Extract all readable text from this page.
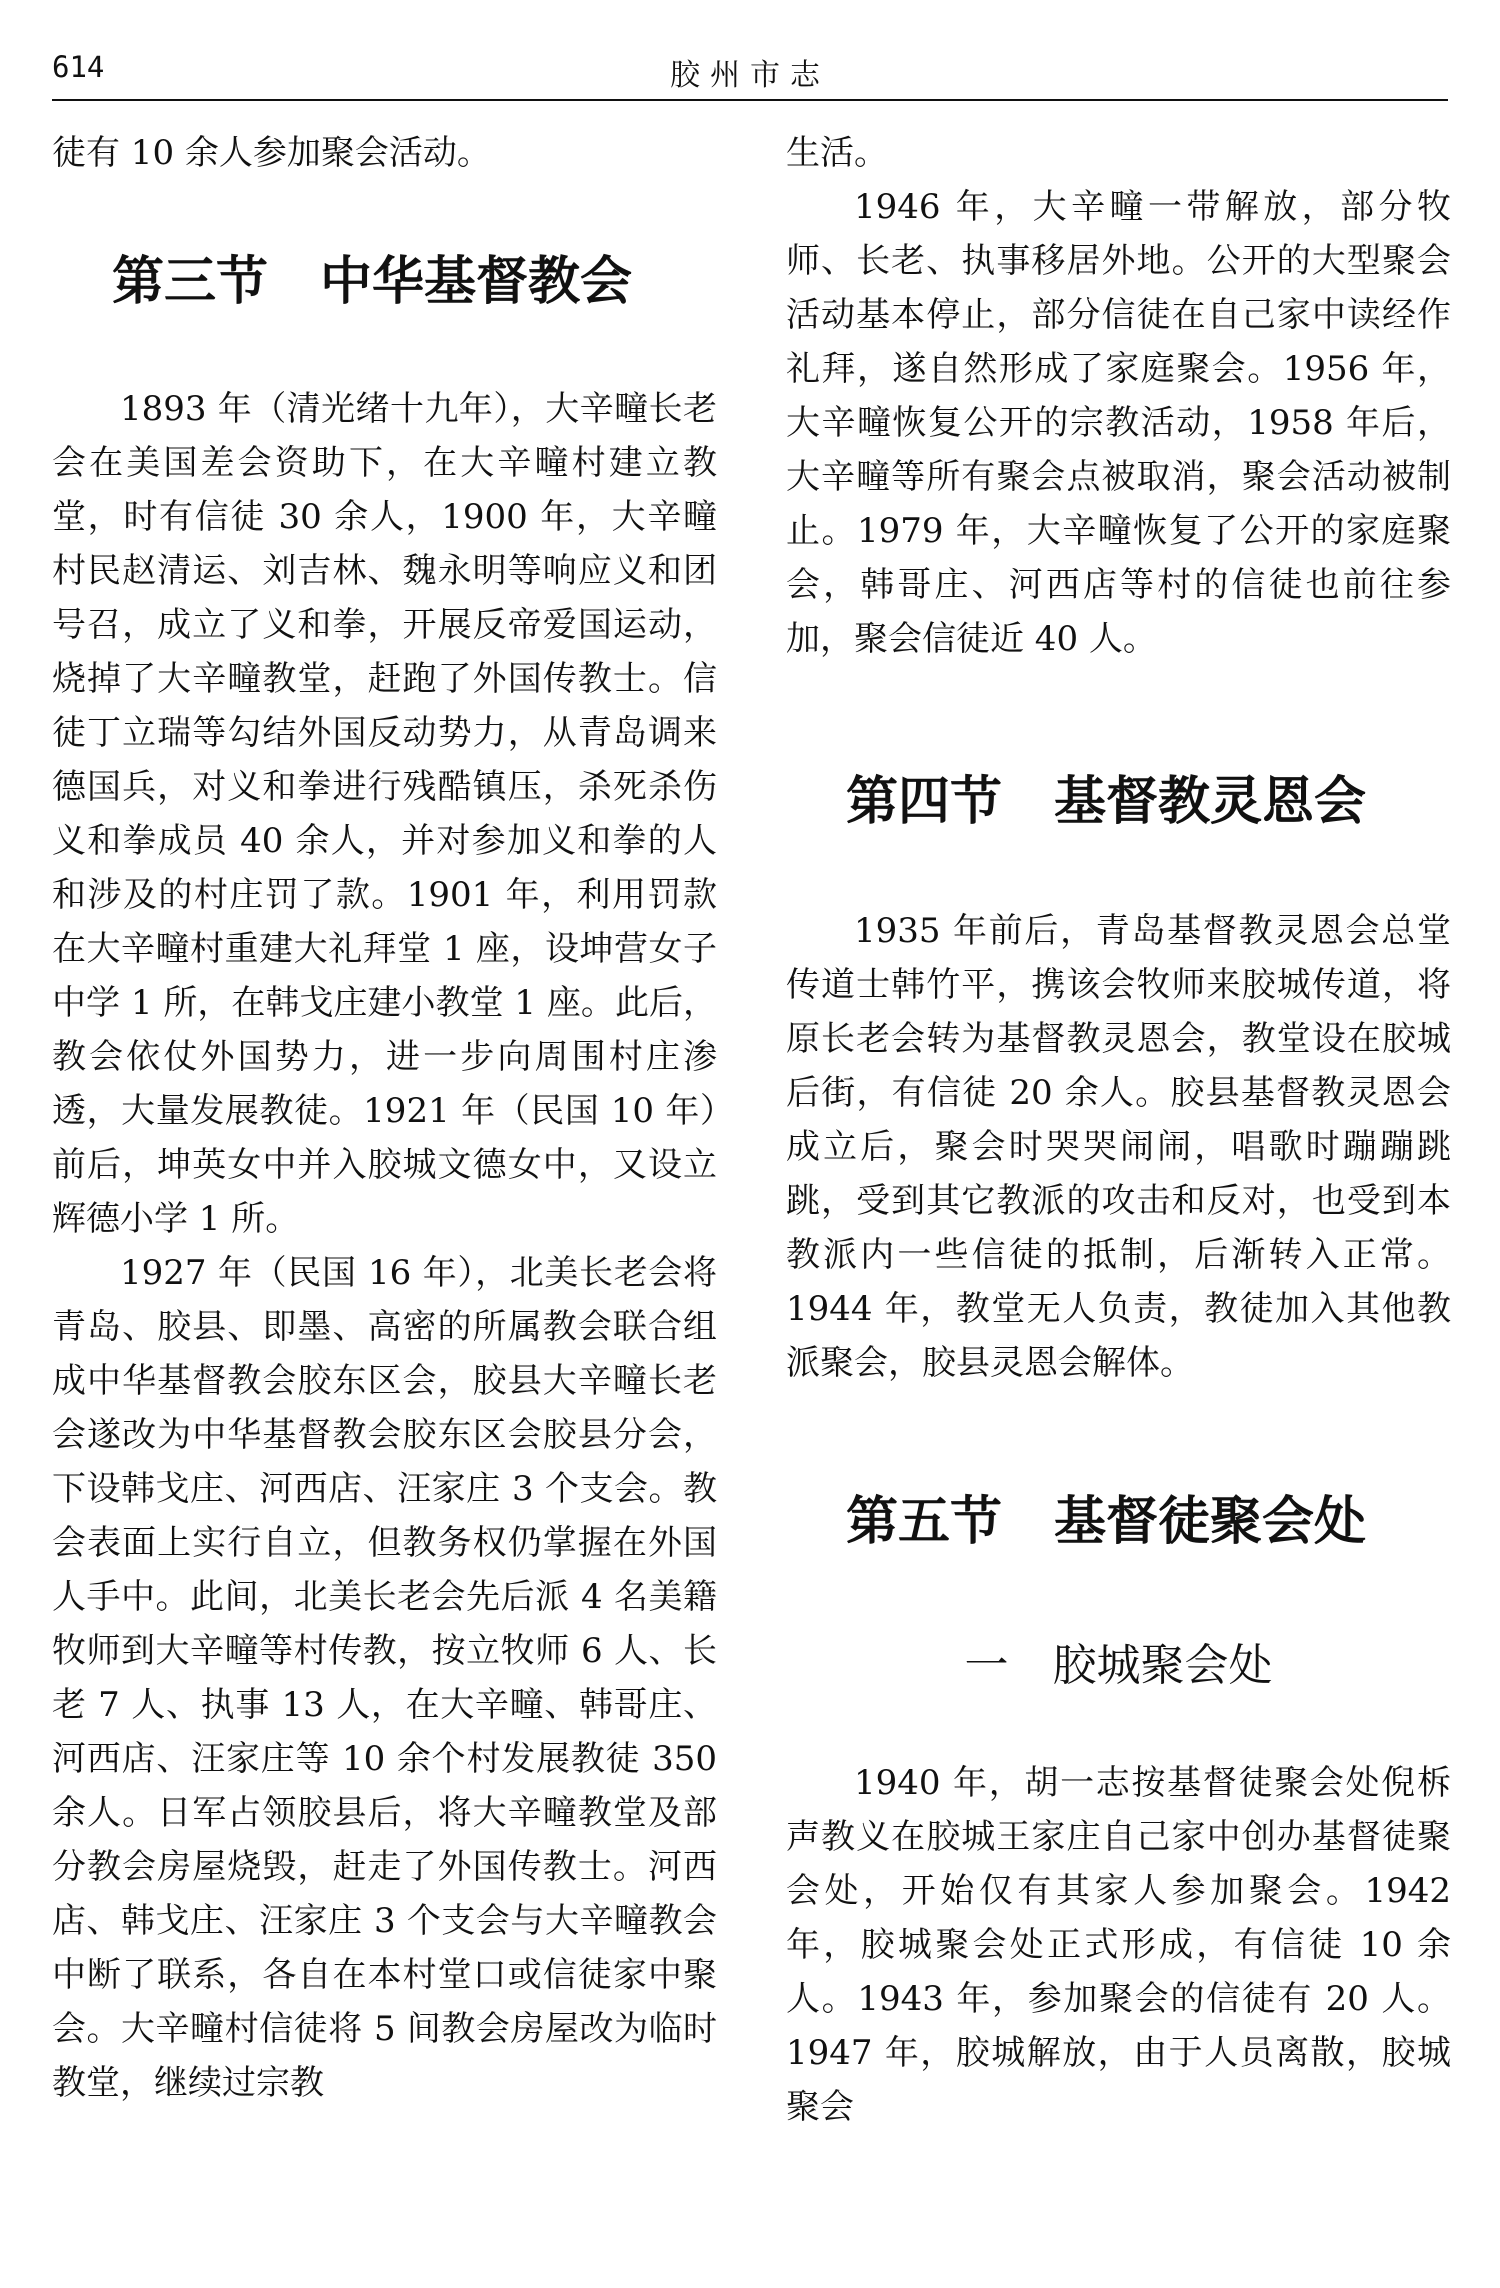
614	胶州市志

徒有 10 余人参加聚会活动。

第三节　中华基督教会

1893 年（清光绪十九年），大辛疃长老会在美国差会资助下，在大辛疃村建立教堂，时有信徒 30 余人，1900 年，大辛疃村民赵清运、刘吉林、魏永明等响应义和团号召，成立了义和拳，开展反帝爱国运动，烧掉了大辛疃教堂，赶跑了外国传教士。信徒丁立瑞等勾结外国反动势力，从青岛调来德国兵，对义和拳进行残酷镇压，杀死杀伤义和拳成员 40 余人，并对参加义和拳的人和涉及的村庄罚了款。1901 年，利用罚款在大辛疃村重建大礼拜堂 1 座，设坤营女子中学 1 所，在韩戈庄建小教堂 1 座。此后，教会依仗外国势力，进一步向周围村庄渗透，大量发展教徒。1921 年（民国 10 年）前后，坤英女中并入胶城文德女中，又设立辉德小学 1 所。

1927 年（民国 16 年），北美长老会将青岛、胶县、即墨、高密的所属教会联合组成中华基督教会胶东区会，胶县大辛疃长老会遂改为中华基督教会胶东区会胶县分会，下设韩戈庄、河西店、汪家庄 3 个支会。教会表面上实行自立，但教务权仍掌握在外国人手中。此间，北美长老会先后派 4 名美籍牧师到大辛疃等村传教，按立牧师 6 人、长老 7 人、执事 13 人，在大辛疃、韩哥庄、河西店、汪家庄等 10 余个村发展教徒 350 余人。日军占领胶县后，将大辛疃教堂及部分教会房屋烧毁，赶走了外国传教士。河西店、韩戈庄、汪家庄 3 个支会与大辛疃教会中断了联系，各自在本村堂口或信徒家中聚会。大辛疃村信徒将 5 间教会房屋改为临时教堂，继续过宗教

生活。

1946 年，大辛疃一带解放，部分牧师、长老、执事移居外地。公开的大型聚会活动基本停止，部分信徒在自己家中读经作礼拜，遂自然形成了家庭聚会。1956 年，大辛疃恢复公开的宗教活动，1958 年后，大辛疃等所有聚会点被取消，聚会活动被制止。1979 年，大辛疃恢复了公开的家庭聚会，韩哥庄、河西店等村的信徒也前往参加，聚会信徒近 40 人。

第四节　基督教灵恩会

1935 年前后，青岛基督教灵恩会总堂传道士韩竹平，携该会牧师来胶城传道，将原长老会转为基督教灵恩会，教堂设在胶城后街，有信徒 20 余人。胶县基督教灵恩会成立后，聚会时哭哭闹闹，唱歌时蹦蹦跳跳，受到其它教派的攻击和反对，也受到本教派内一些信徒的抵制，后渐转入正常。1944 年，教堂无人负责，教徒加入其他教派聚会，胶县灵恩会解体。

第五节　基督徒聚会处

一　胶城聚会处

1940 年，胡一志按基督徒聚会处倪柝声教义在胶城王家庄自己家中创办基督徒聚会处，开始仅有其家人参加聚会。1942 年，胶城聚会处正式形成，有信徒 10 余人。1943 年，参加聚会的信徒有 20 人。1947 年，胶城解放，由于人员离散，胶城聚会
